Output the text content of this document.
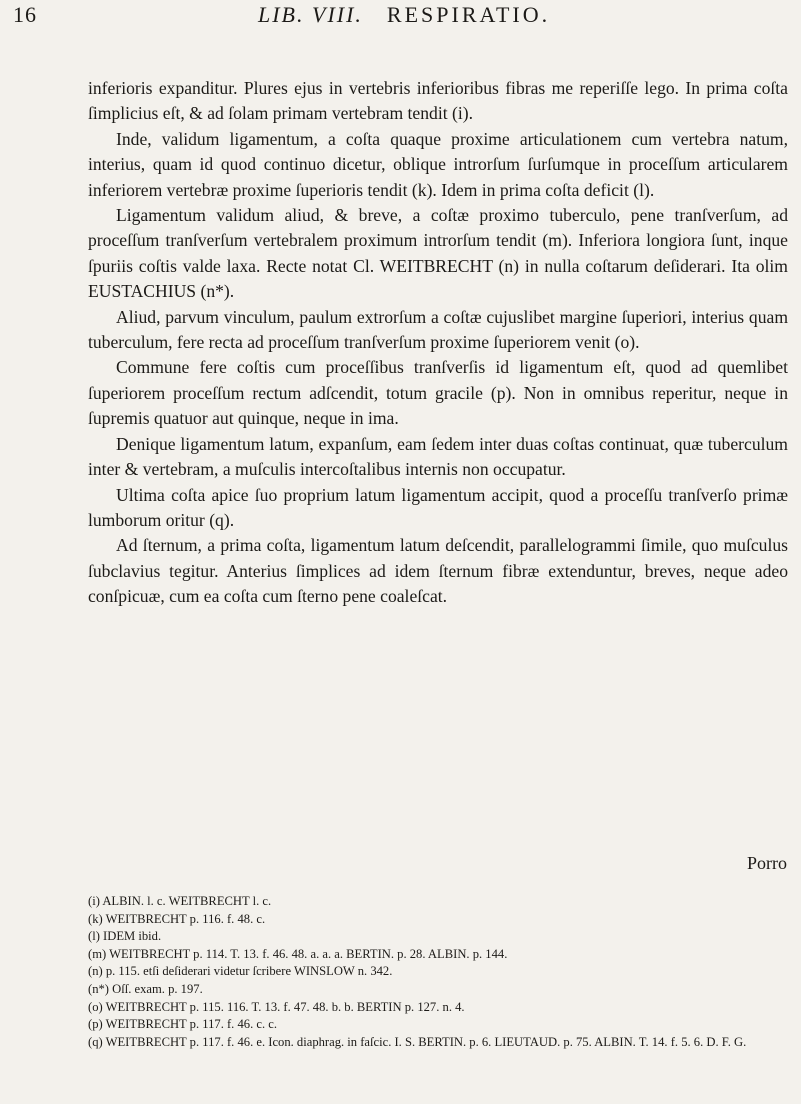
16	LIB. VIII. RESPIRATIO.

inferioris expanditur. Plures ejus in vertebris inferioribus fibras me reperiſſe lego. In prima coſta ſimplicius eſt, & ad ſolam primam vertebram tendit (i).

Inde, validum ligamentum, a coſta quaque proxime articulationem cum vertebra natum, interius, quam id quod continuo dicetur, oblique introrſum ſurſumque in proceſſum articularem inferiorem vertebræ proxime ſuperioris tendit (k). Idem in prima coſta deficit (l).

Ligamentum validum aliud, & breve, a coſtæ proximo tuberculo, pene tranſverſum, ad proceſſum tranſverſum vertebralem proximum introrſum tendit (m). Inferiora longiora ſunt, inque ſpuriis coſtis valde laxa. Recte notat Cl. WEITBRECHT (n) in nulla coſtarum deſiderari. Ita olim EUSTACHIUS (n*).

Aliud, parvum vinculum, paulum extrorſum a coſtæ cujuslibet margine ſuperiori, interius quam tuberculum, fere recta ad proceſſum tranſverſum proxime ſuperiorem venit (o).

Commune fere coſtis cum proceſſibus tranſverſis id ligamentum eſt, quod ad quemlibet ſuperiorem proceſſum rectum adſcendit, totum gracile (p). Non in omnibus reperitur, neque in ſupremis quatuor aut quinque, neque in ima.

Denique ligamentum latum, expanſum, eam ſedem inter duas coſtas continuat, quæ tuberculum inter & vertebram, a muſculis intercoſtalibus internis non occupatur.

Ultima coſta apice ſuo proprium latum ligamentum accipit, quod a proceſſu tranſverſo primæ lumborum oritur (q).

Ad ſternum, a prima coſta, ligamentum latum deſcendit, parallelogrammi ſimile, quo muſculus ſubclavius tegitur. Anterius ſimplices ad idem ſternum fibræ extenduntur, breves, neque adeo conſpicuæ, cum ea coſta cum ſterno pene coaleſcat.

Porro
(i) ALBIN. l. c. WEITBRECHT l. c.
(k) WEITBRECHT p. 116. f. 48. c.
(l) IDEM ibid.
(m) WEITBRECHT p. 114. T. 13. f. 46. 48. a. a. a. BERTIN. p. 28. ALBIN. p. 144.
(n) p. 115. etſi deſiderari videtur ſcribere WINSLOW n. 342.
(n*) Oſſ. exam. p. 197.
(o) WEITBRECHT p. 115. 116. T. 13. f. 47. 48. b. b. BERTIN p. 127. n. 4.
(p) WEITBRECHT p. 117. f. 46. c. c.
(q) WEITBRECHT p. 117. f. 46. e. Icon. diaphrag. in faſcic. I. S. BERTIN. p. 6. LIEUTAUD. p. 75. ALBIN. T. 14. f. 5. 6. D. F. G.
